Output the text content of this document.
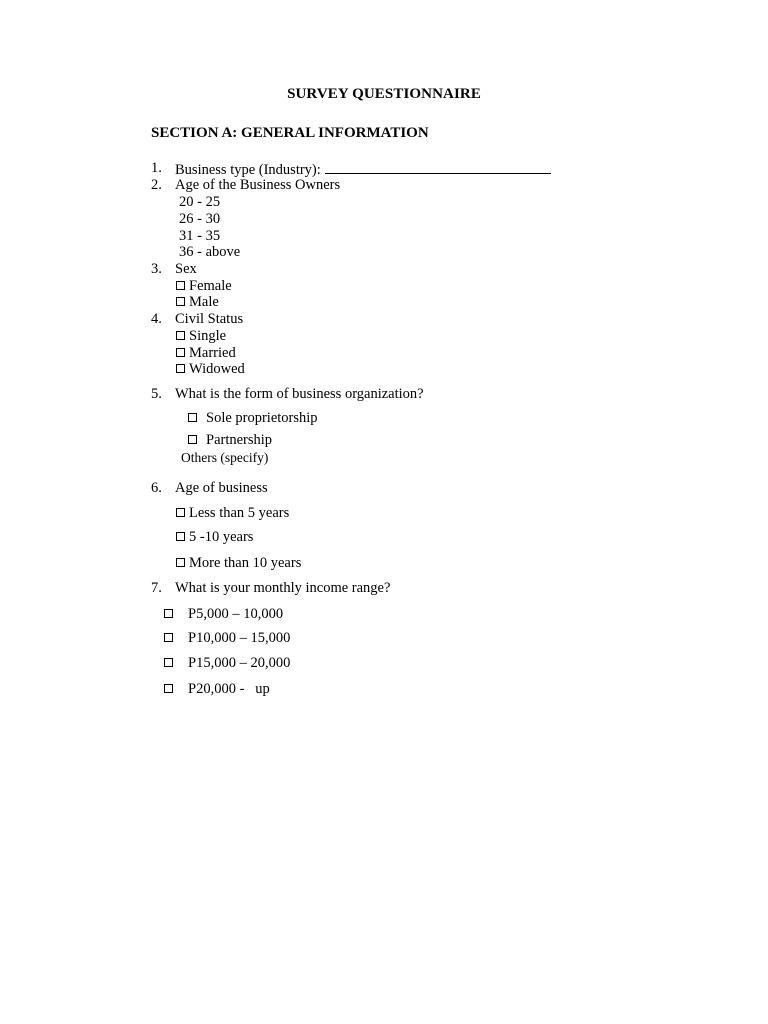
SURVEY QUESTIONNAIRE
SECTION A: GENERAL INFORMATION
1. Business type (Industry):
2. Age of the Business Owners
20 - 25
26 - 30
31 - 35
36 - above
3. Sex
Female
Male
4. Civil Status
Single
Married
Widowed
5. What is the form of business organization?
Sole proprietorship
Partnership
Others (specify)
6. Age of business
Less than 5 years
5 -10 years
More than 10 years
7. What is your monthly income range?
P5,000 – 10,000
P10,000 – 15,000
P15,000 – 20,000
P20,000 -   up
